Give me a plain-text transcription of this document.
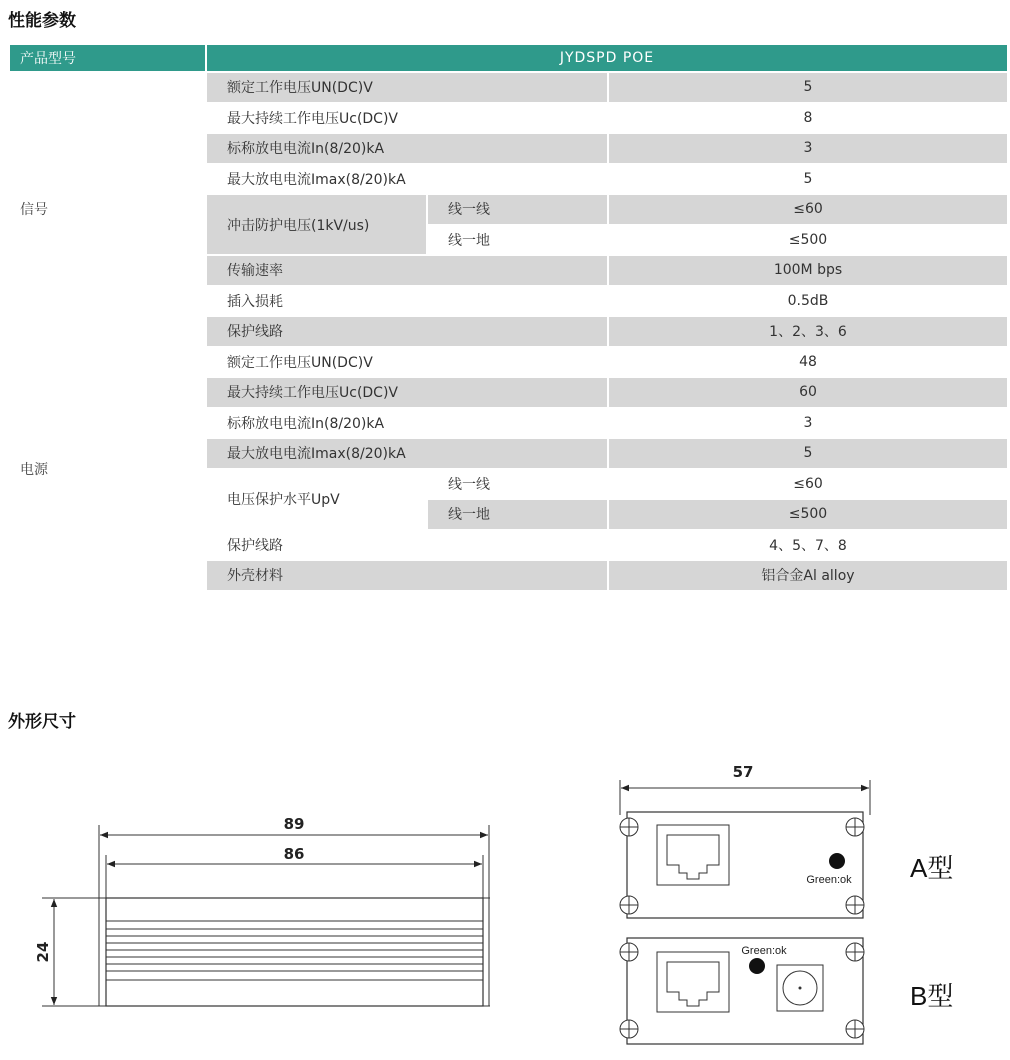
性能参数
产品型号	JYDSPD POE		
信号	额定工作电压UN(DC)V		5
	最大持续工作电压Uc(DC)V		8
	标称放电电流In(8/20)kA		3
	最大放电电流Imax(8/20)kA		5
	冲击防护电压(1kV/us)	线一线	≤60
		线一地	≤500
	传输速率		100M bps
	插入损耗		0.5dB
	保护线路		1、2、3、6
电源	额定工作电压UN(DC)V		48
	最大持续工作电压Uc(DC)V		60
	标称放电电流In(8/20)kA		3
	最大放电电流Imax(8/20)kA		5
	电压保护水平UpV	线一线	≤60
		线一地	≤500
	保护线路		4、5、7、8
	外壳材料		铝合金Al alloy
外形尺寸
89
86
24
57
Green:ok
Green:ok
A型
B型
